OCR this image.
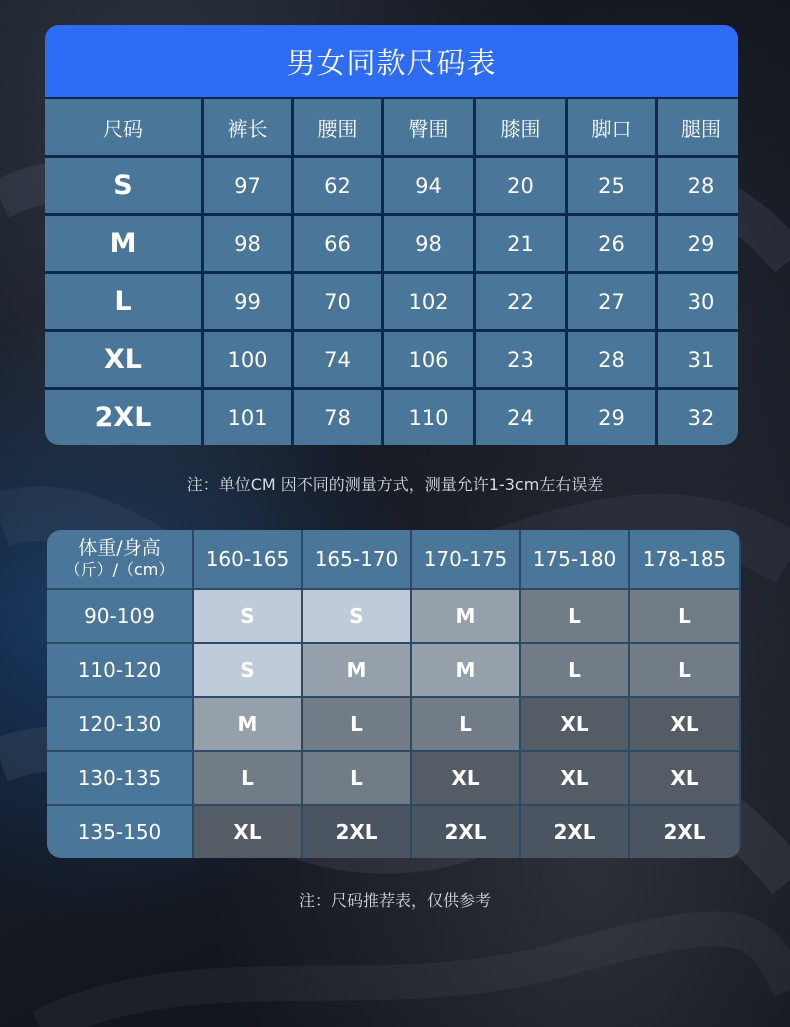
男女同款尺码表
尺码	裤长	腰围	臀围	膝围	脚口	腿围
S	97	62	94	20	25	28
M	98	66	98	21	26	29
L	99	70	102	22	27	30
XL	100	74	106	23	28	31
2XL	101	78	110	24	29	32
注：单位CM 因不同的测量方式，测量允许1-3cm左右误差
体重/身高
（斤）/（cm）	160-165	165-170	170-175	175-180	178-185
90-109	S	S	M	L	L
110-120	S	M	M	L	L
120-130	M	L	L	XL	XL
130-135	L	L	XL	XL	XL
135-150	XL	2XL	2XL	2XL	2XL
注：尺码推荐表，仅供参考
